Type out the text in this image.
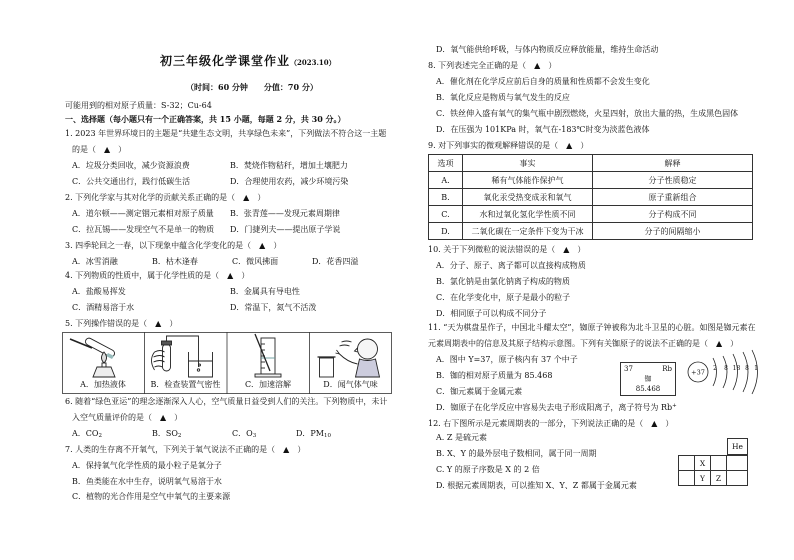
初三年级化学课堂作业（2023.10）
（时间：60 分钟　　分值：70 分）
可能用到的相对原子质量：S-32；Cu-64
一、选择题（每小题只有一个正确答案，共 15 小题，每题 2 分，共 30 分。）
1. 2023 年世界环境日的主题是“共建生态文明，共享绿色未来”，下列做法不符合这一主题
的是（　▲　）
A．垃圾分类回收，减少资源浪费	B．焚烧作物秸秆，增加土壤肥力
C．公共交通出行，践行低碳生活	D．合理使用农药，减少环境污染
2. 下列化学家与其对化学的贡献关系正确的是（　▲　）
A．道尔顿——测定铟元素相对原子质量 B．张青莲——发现元素周期律
C．拉瓦锡——发现空气不是单一的物质 D．门捷列夫——提出原子学说
3. 四季轮回之一春，以下现象中蕴含化学变化的是（　▲　）
A．冰雪消融	B．枯木逢春	C．微风拂面	D．花香四溢
4. 下列物质的性质中，属于化学性质的是（　▲　）
A．盐酸易挥发	B．金属具有导电性
C．酒精易溶于水	D．常温下，氮气不活泼
5. 下列操作错误的是（　▲　）
A．加热液体	B．检查装置气密性	C．加速溶解	D．闻气体气味
6. 随着“绿色亚运”的理念逐渐深入人心，空气质量日益受到人们的关注。下列物质中，未计
入空气质量评价的是（　▲　）
A．$CO_2$	B．$SO_2$	C．$O_3$	D．$PM_{10}$
7. 人类的生存离不开氧气，下列关于氧气说法不正确的是（　▲　）
A．保持氧气化学性质的最小粒子是氧分子
B．鱼类能在水中生存，说明氧气易溶于水
C．植物的光合作用是空气中氧气的主要来源
D．氧气能供给呼吸，与体内物质反应释放能量，维持生命活动
8. 下列表述完全正确的是（　▲　）
A．催化剂在化学反应前后自身的质量和性质都不会发生变化
B．氧化反应是物质与氧气发生的反应
C．铁丝伸入盛有氧气的集气瓶中剧烈燃烧，火星四射，放出大量的热，生成黑色固体
D．在压强为 101KPa 时，氧气在-183℃时变为淡蓝色液体
9. 对下列事实的微观解释错误的是（　▲　）
选项	事实	解释
A.	稀有气体能作保护气	分子性质稳定
B.	氧化汞受热变成汞和氧气	原子重新组合
C.	水和过氧化氢化学性质不同	分子构成不同
D.	二氧化碳在一定条件下变为干冰	分子的间隔缩小
10. 关于下列微粒的说法错误的是（　▲　）
A．分子、原子、离子都可以直接构成物质
B．氯化钠是由氯化钠离子构成的物质
C．在化学变化中，原子是最小的粒子
D．相同原子可以构成不同分子
11. “天为棋盘星作子，中国北斗耀太空”，铷原子钟被称为北斗卫星的心脏。如图是铷元素在
元素周期表中的信息及其原子结构示意图。下列有关铷原子的说法不正确的是（　▲　）
A．图中 Y=37，原子核内有 37 个中子
B．铷的相对原子质量为 85.468
C．铷元素属于金属元素
D．铷原子在化学反应中容易失去电子形成阳离子，离子符号为 Rb+
37	Rb
铷
85.468
+37 2 8 18 8 1
12. 右下图所示是元素周期表的一部分，下列说法正确的是（　▲　）
A. Z 是硫元素
B. X、Y 的最外层电子数相同，属于同一周期
C. Y 的原子序数是 X 的 2 倍
D. 根据元素周期表，可以推知 X、Y、Z 都属于金属元素
He
	X		
	Y	Z	
